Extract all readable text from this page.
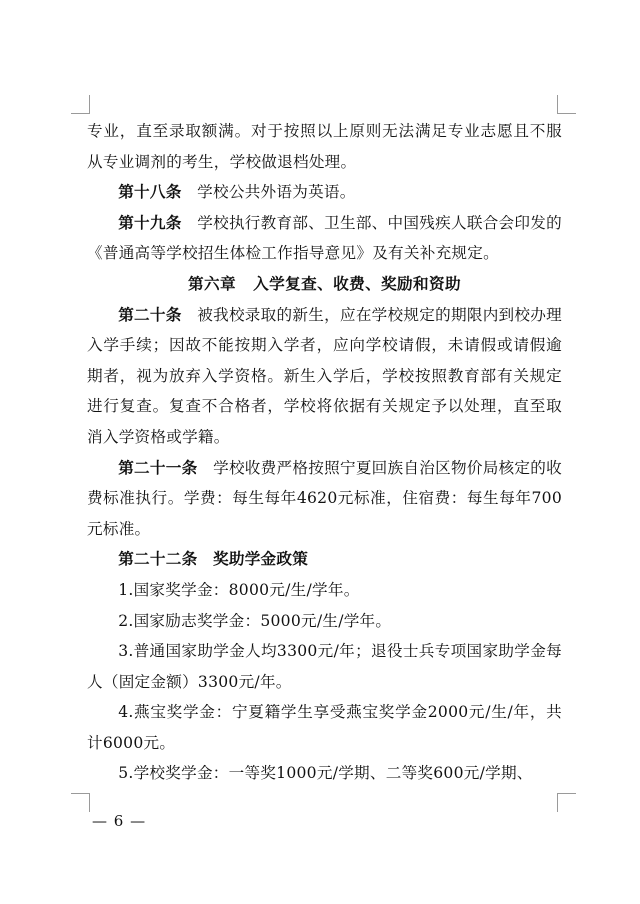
专业，直至录取额满。对于按照以上原则无法满足专业志愿且不服从专业调剂的考生，学校做退档处理。

第十八条 学校公共外语为英语。

第十九条 学校执行教育部、卫生部、中国残疾人联合会印发的《普通高等学校招生体检工作指导意见》及有关补充规定。

第六章 入学复查、收费、奖励和资助

第二十条 被我校录取的新生，应在学校规定的期限内到校办理入学手续；因故不能按期入学者，应向学校请假，未请假或请假逾期者，视为放弃入学资格。新生入学后，学校按照教育部有关规定进行复查。复查不合格者，学校将依据有关规定予以处理，直至取消入学资格或学籍。

第二十一条 学校收费严格按照宁夏回族自治区物价局核定的收费标准执行。学费：每生每年4620元标准，住宿费：每生每年700元标准。

第二十二条 奖助学金政策

1.国家奖学金：8000元/生/学年。

2.国家励志奖学金：5000元/生/学年。

3.普通国家助学金人均3300元/年；退役士兵专项国家助学金每人（固定金额）3300元/年。

4.燕宝奖学金：宁夏籍学生享受燕宝奖学金2000元/生/年，共计6000元。

5.学校奖学金：一等奖1000元/学期、二等奖600元/学期、

— 6 —
